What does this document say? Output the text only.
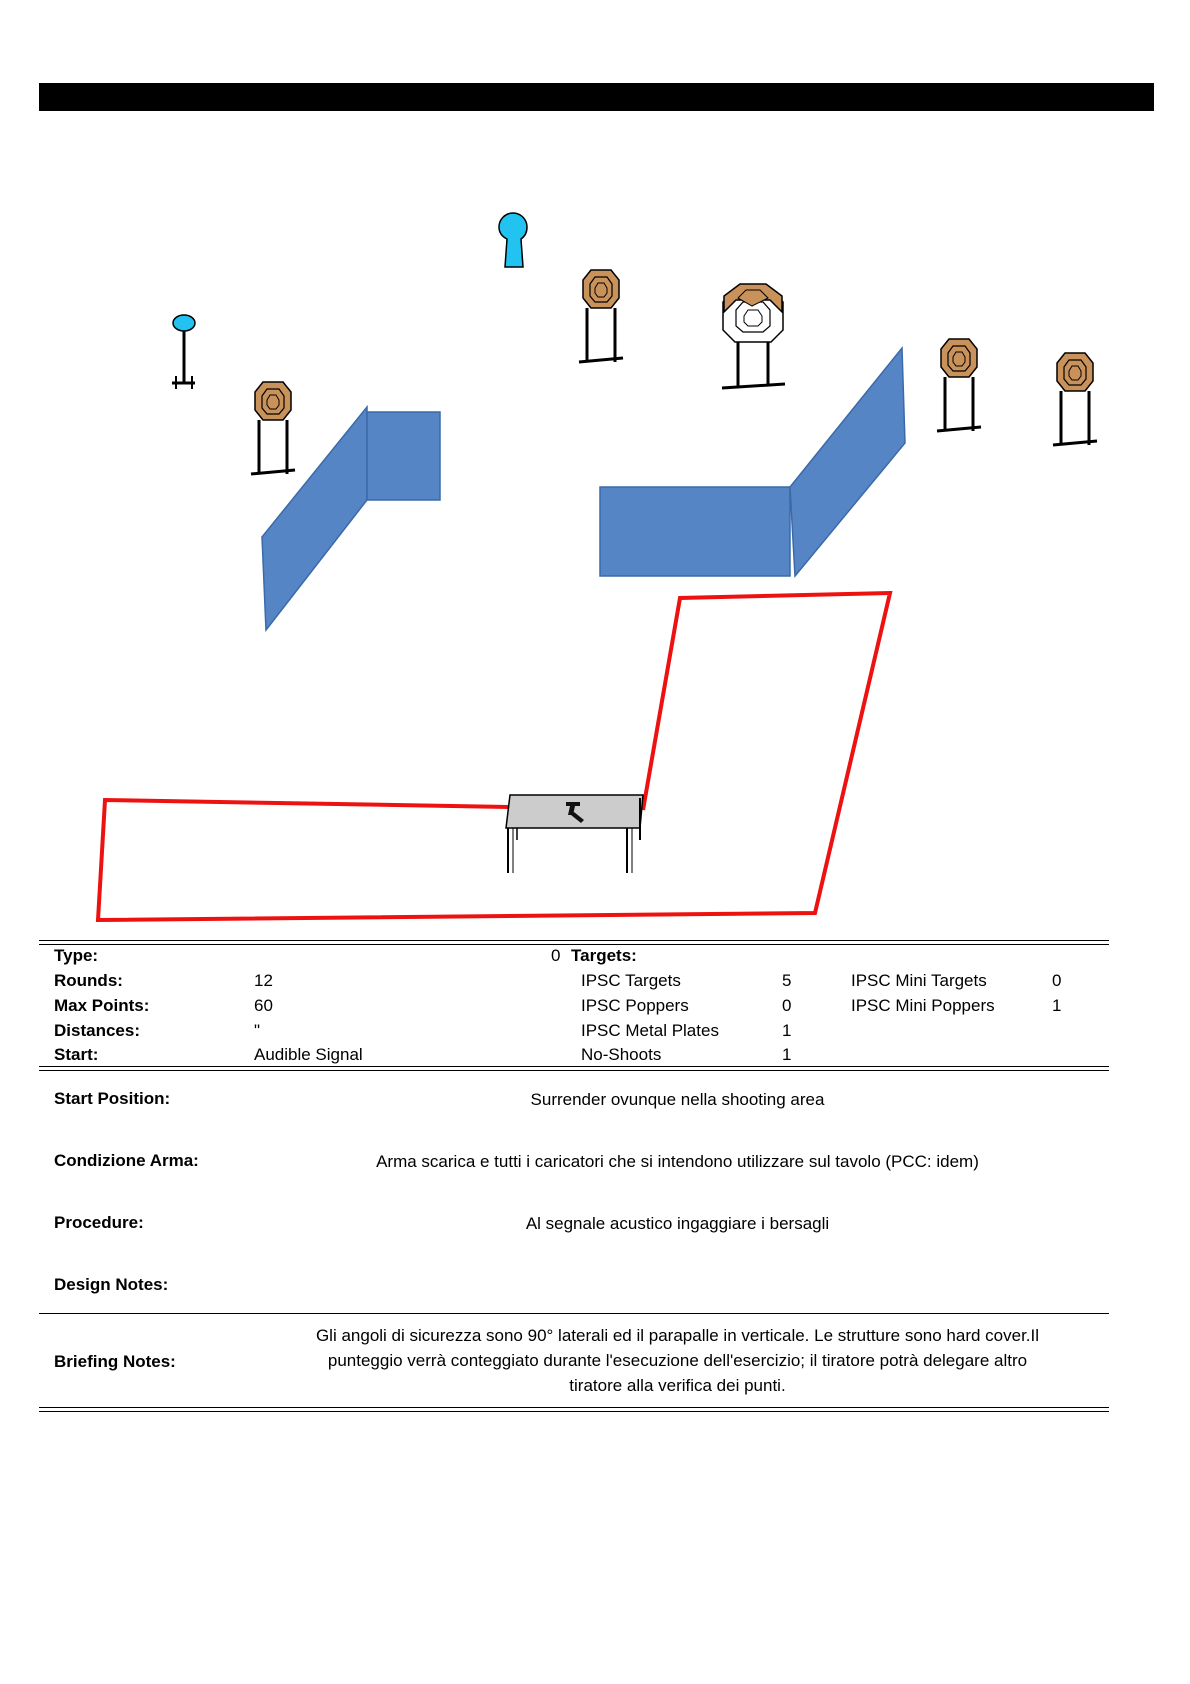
Type:	0 Targets:
Rounds:	12	IPSC Targets	5	IPSC Mini Targets	0
Max Points:	60	IPSC Poppers	0	IPSC Mini Poppers	1
Distances:	"	IPSC Metal Plates	1
Start:	Audible Signal	No-Shoots	1
Start Position:	Surrender ovunque nella shooting area
Condizione Arma:	Arma scarica e tutti i caricatori che si intendono utilizzare sul tavolo (PCC: idem)
Procedure:	Al segnale acustico ingaggiare i bersagli
Design Notes:
Briefing Notes:
Gli angoli di sicurezza sono 90° laterali ed il parapalle in verticale. Le strutture sono hard cover.Il
punteggio verrà conteggiato durante l'esecuzione dell'esercizio; il tiratore potrà delegare altro
tiratore alla verifica dei punti.
